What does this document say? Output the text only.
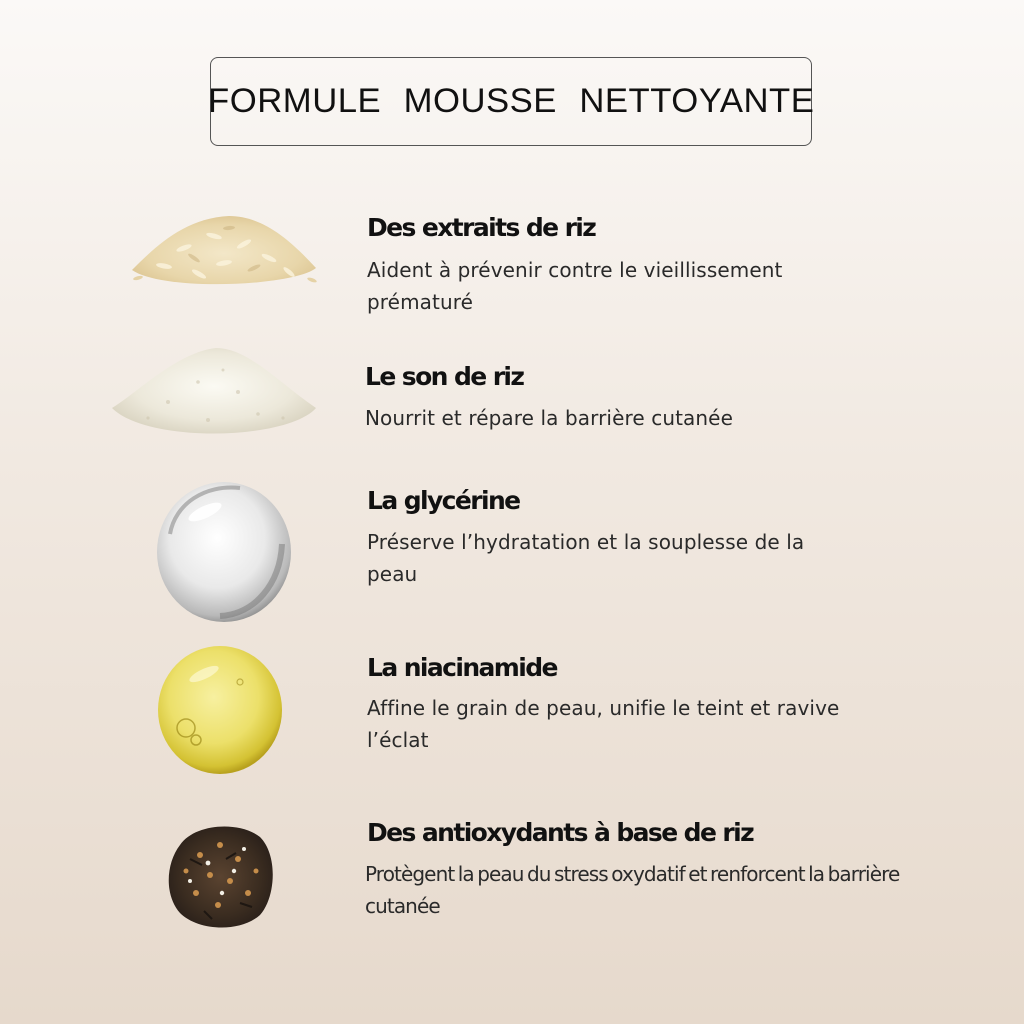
FORMULE MOUSSE NETTOYANTE
Des extraits de riz
Aident à prévenir contre le vieillissement prématuré
Le son de riz
Nourrit et répare la barrière cutanée
La glycérine
Préserve l’hydratation et la souplesse de la peau
La niacinamide
Affine le grain de peau, unifie le teint et ravive l’éclat
Des antioxydants à base de riz
Protègent la peau du stress oxydatif et renforcent la barrière cutanée
